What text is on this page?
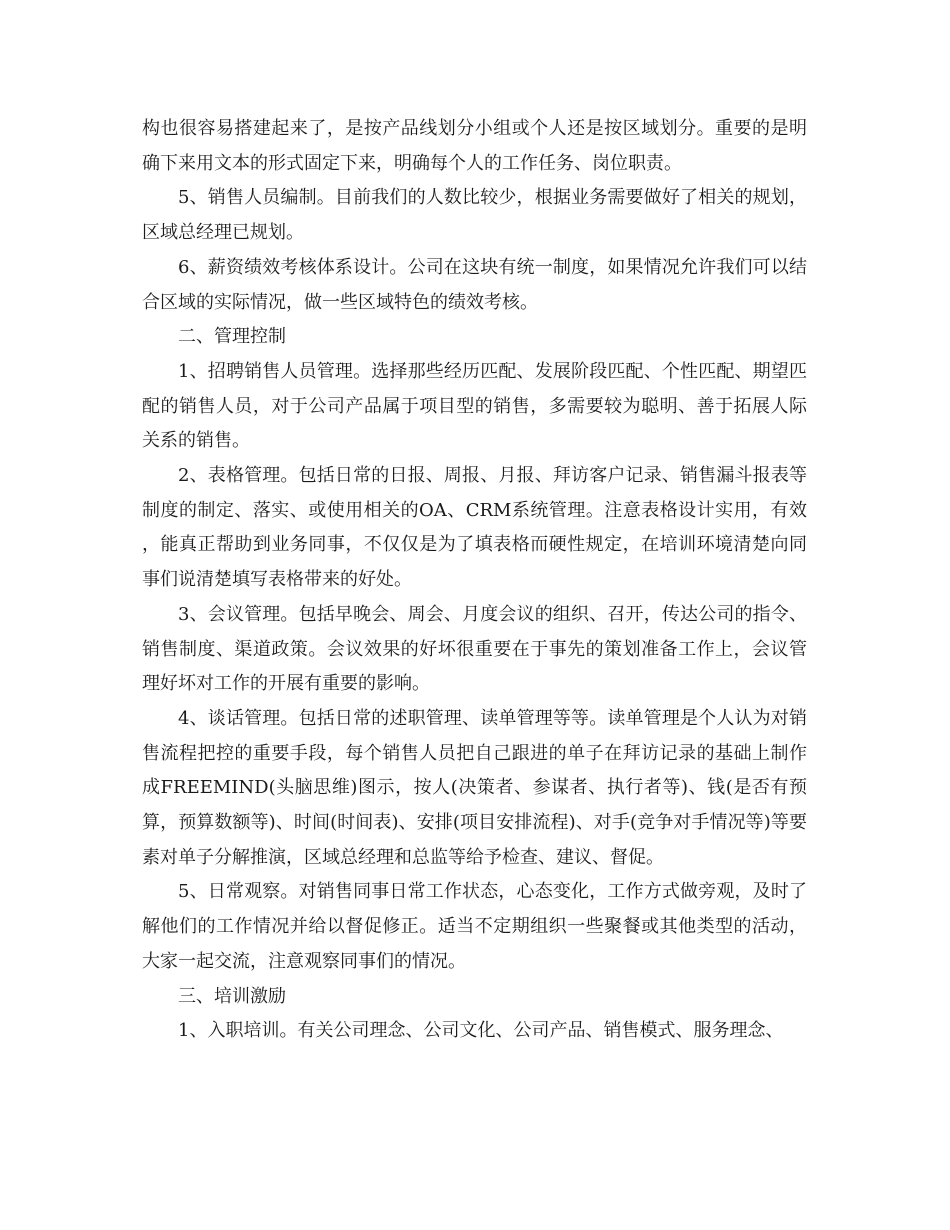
构也很容易搭建起来了，是按产品线划分小组或个人还是按区域划分。重要的是明确下来用文本的形式固定下来，明确每个人的工作任务、岗位职责。

5、销售人员编制。目前我们的人数比较少，根据业务需要做好了相关的规划，区域总经理已规划。

6、薪资绩效考核体系设计。公司在这块有统一制度，如果情况允许我们可以结合区域的实际情况，做一些区域特色的绩效考核。

二、管理控制

1、招聘销售人员管理。选择那些经历匹配、发展阶段匹配、个性匹配、期望匹配的销售人员，对于公司产品属于项目型的销售，多需要较为聪明、善于拓展人际关系的销售。

2、表格管理。包括日常的日报、周报、月报、拜访客户记录、销售漏斗报表等制度的制定、落实、或使用相关的OA、CRM系统管理。注意表格设计实用，有效，能真正帮助到业务同事，不仅仅是为了填表格而硬性规定，在培训环境清楚向同事们说清楚填写表格带来的好处。

3、会议管理。包括早晚会、周会、月度会议的组织、召开，传达公司的指令、销售制度、渠道政策。会议效果的好坏很重要在于事先的策划准备工作上，会议管理好坏对工作的开展有重要的影响。

4、谈话管理。包括日常的述职管理、读单管理等等。读单管理是个人认为对销售流程把控的重要手段，每个销售人员把自己跟进的单子在拜访记录的基础上制作成FREEMIND(头脑思维)图示，按人(决策者、参谋者、执行者等)、钱(是否有预算，预算数额等)、时间(时间表)、安排(项目安排流程)、对手(竞争对手情况等)等要素对单子分解推演，区域总经理和总监等给予检查、建议、督促。

5、日常观察。对销售同事日常工作状态，心态变化，工作方式做旁观，及时了解他们的工作情况并给以督促修正。适当不定期组织一些聚餐或其他类型的活动，大家一起交流，注意观察同事们的情况。

三、培训激励

1、入职培训。有关公司理念、公司文化、公司产品、销售模式、服务理念、
